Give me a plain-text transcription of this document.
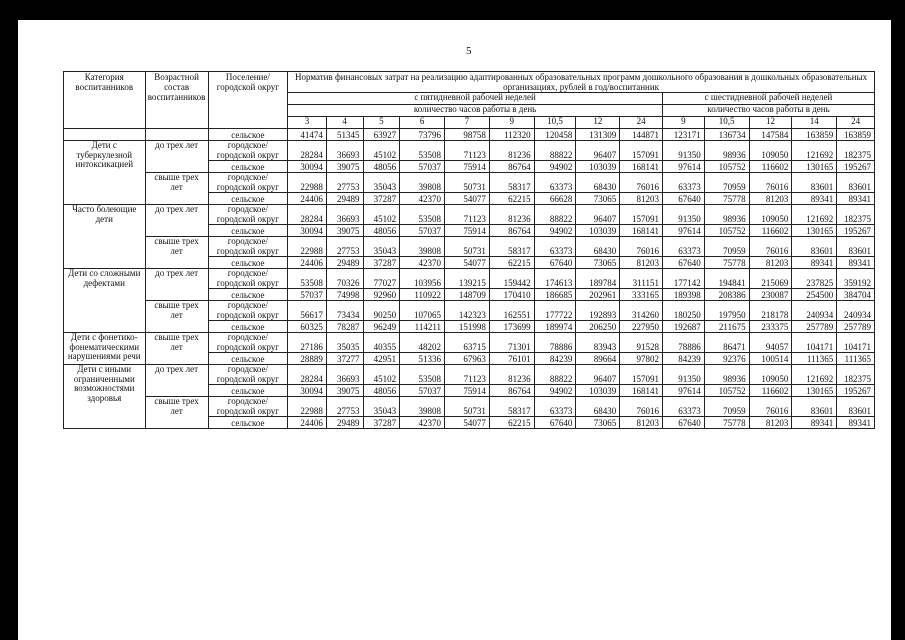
5
Категория воспитанников	Возрастной состав воспитанников	Поселение/ городской округ	Норматив финансовых затрат на реализацию адаптированных образовательных программ дошкольного образования в дошкольных образовательных организациях, рублей в год/воспитанник													
			с пятидневной рабочей неделей									с шестидневной рабочей неделей				
			количество часов работы в день									количество часов работы в день				
			3	4	5	6	7	9	10,5	12	24	9	10,5	12	14	24
		сельское	41474	51345	63927	73796	98758	112320	120458	131309	144871	123171	136734	147584	163859	163859
Дети с туберкулезной интоксикацией	до трех лет	городское/ городской округ	28284	36693	45102	53508	71123	81236	88822	96407	157091	91350	98936	109050	121692	182375
		сельское	30094	39075	48056	57037	75914	86764	94902	103039	168141	97614	105752	116602	130165	195267
	свыше трех лет	городское/ городской округ	22988	27753	35043	39808	50731	58317	63373	68430	76016	63373	70959	76016	83601	83601
		сельское	24406	29489	37287	42370	54077	62215	66628	73065	81203	67640	75778	81203	89341	89341
Часто болеющие дети	до трех лет	городское/ городской округ	28284	36693	45102	53508	71123	81236	88822	96407	157091	91350	98936	109050	121692	182375
		сельское	30094	39075	48056	57037	75914	86764	94902	103039	168141	97614	105752	116602	130165	195267
	свыше трех лет	городское/ городской округ	22988	27753	35043	39808	50731	58317	63373	68430	76016	63373	70959	76016	83601	83601
		сельское	24406	29489	37287	42370	54077	62215	67640	73065	81203	67640	75778	81203	89341	89341
Дети со сложными дефектами	до трех лет	городское/ городской округ	53508	70326	77027	103956	139215	159442	174613	189784	311151	177142	194841	215069	237825	359192
		сельское	57037	74998	92960	110922	148709	170410	186685	202961	333165	189398	208386	230087	254500	384704
	свыше трех лет	городское/ городской округ	56617	73434	90250	107065	142323	162551	177722	192893	314260	180250	197950	218178	240934	240934
		сельское	60325	78287	96249	114211	151998	173699	189974	206250	227950	192687	211675	233375	257789	257789
Дети с фонетико-фонематическими нарушениями речи	свыше трех лет	городское/ городской округ	27186	35035	40355	48202	63715	71301	78886	83943	91528	78886	86471	94057	104171	104171
		сельское	28889	37277	42951	51336	67963	76101	84239	89664	97802	84239	92376	100514	111365	111365
Дети с иными ограниченными возможностями здоровья	до трех лет	городское/ городской округ	28284	36693	45102	53508	71123	81236	88822	96407	157091	91350	98936	109050	121692	182375
		сельское	30094	39075	48056	57037	75914	86764	94902	103039	168141	97614	105752	116602	130165	195267
	свыше трех лет	городское/ городской округ	22988	27753	35043	39808	50731	58317	63373	68430	76016	63373	70959	76016	83601	83601
		сельское	24406	29489	37287	42370	54077	62215	67640	73065	81203	67640	75778	81203	89341	89341
